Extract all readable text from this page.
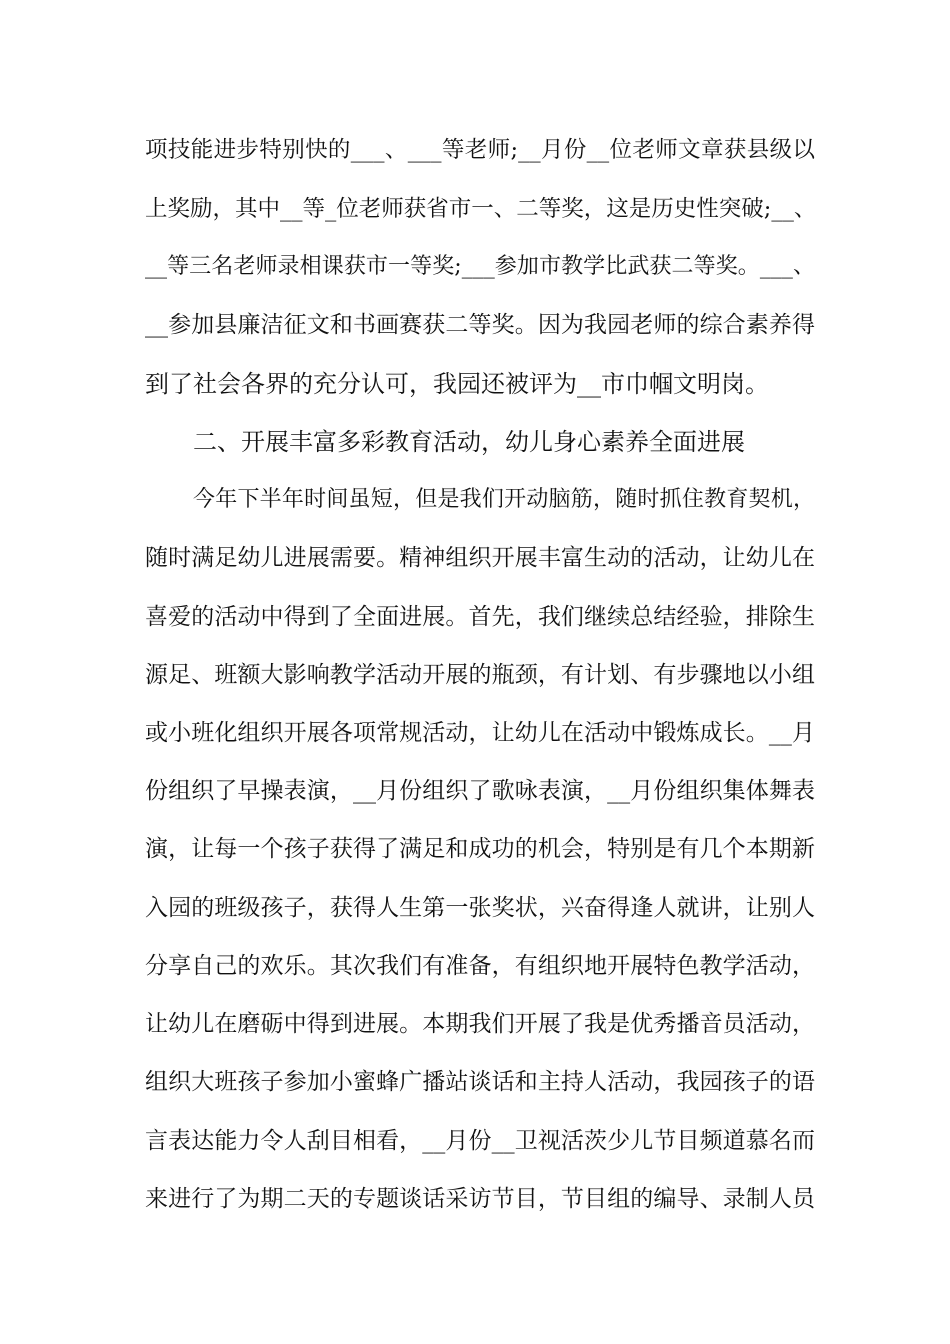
项技能进步特别快的___、___等老师;__月份__位老师文章获县级以
上奖励，其中__等_位老师获省市一、二等奖，这是历史性突破;__、
__等三名老师录相课获市一等奖;___参加市教学比武获二等奖。___、
__参加县廉洁征文和书画赛获二等奖。因为我园老师的综合素养得
到了社会各界的充分认可，我园还被评为__市巾帼文明岗。
二、开展丰富多彩教育活动，幼儿身心素养全面进展
今年下半年时间虽短，但是我们开动脑筋，随时抓住教育契机，
随时满足幼儿进展需要。精神组织开展丰富生动的活动，让幼儿在
喜爱的活动中得到了全面进展。首先，我们继续总结经验，排除生
源足、班额大影响教学活动开展的瓶颈，有计划、有步骤地以小组
或小班化组织开展各项常规活动，让幼儿在活动中锻炼成长。__月
份组织了早操表演，__月份组织了歌咏表演，__月份组织集体舞表
演，让每一个孩子获得了满足和成功的机会，特别是有几个本期新
入园的班级孩子，获得人生第一张奖状，兴奋得逢人就讲，让别人
分享自己的欢乐。其次我们有准备，有组织地开展特色教学活动，
让幼儿在磨砺中得到进展。本期我们开展了我是优秀播音员活动，
组织大班孩子参加小蜜蜂广播站谈话和主持人活动，我园孩子的语
言表达能力令人刮目相看，__月份__卫视活茨少儿节目频道慕名而
来进行了为期二天的专题谈话采访节目，节目组的编导、录制人员
